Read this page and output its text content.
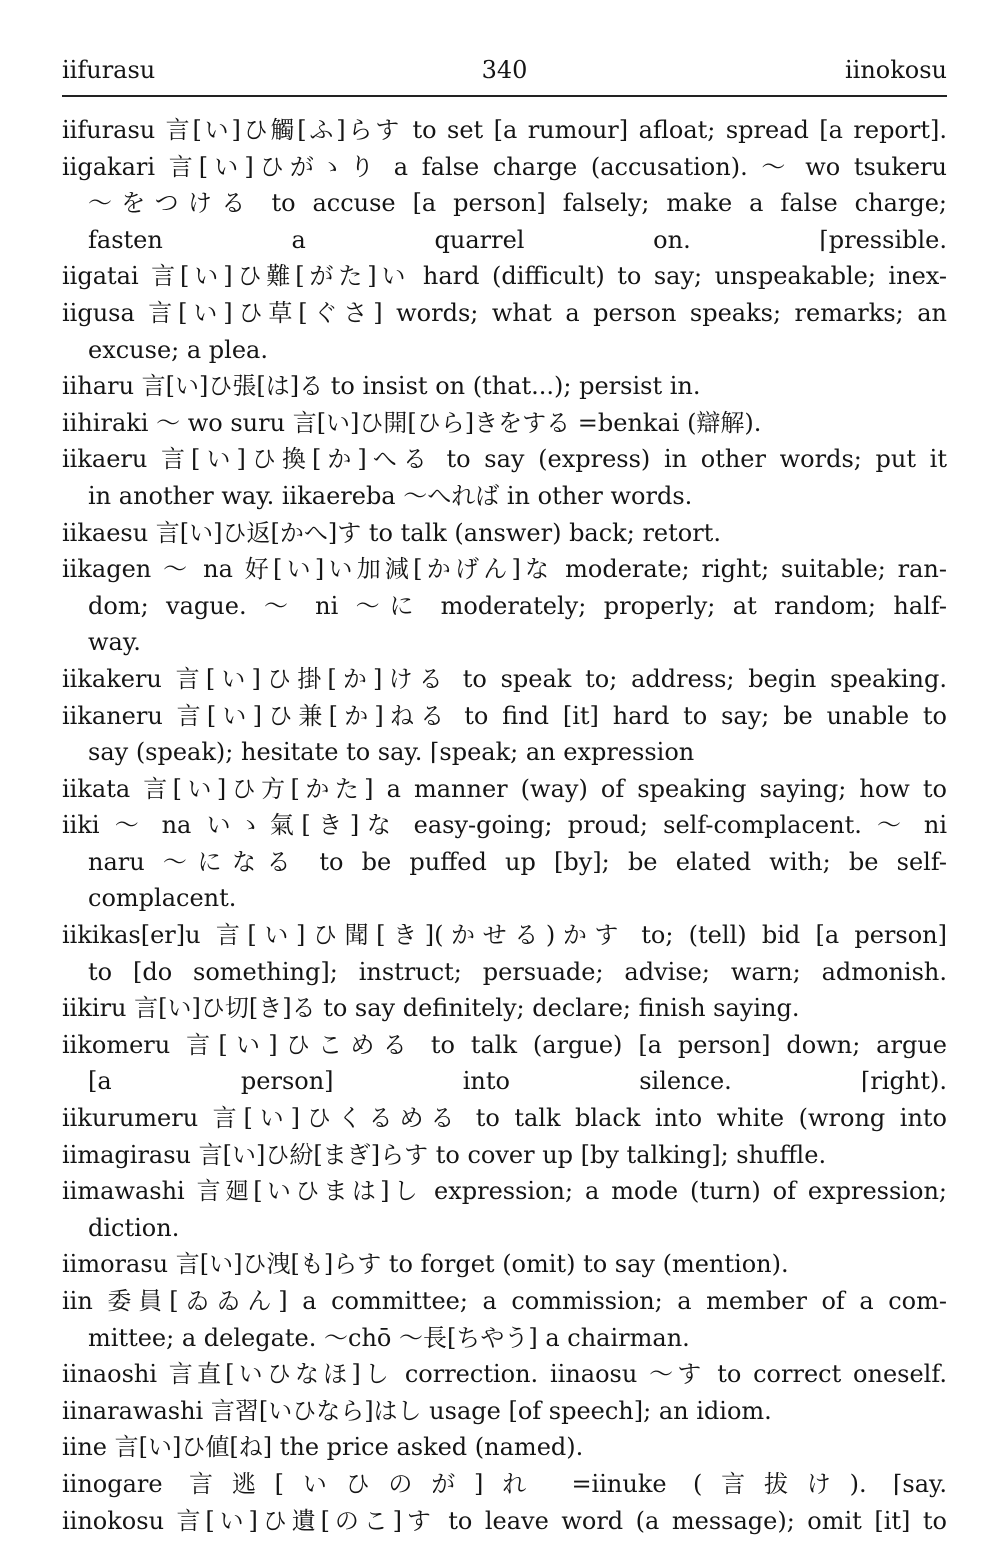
iifurasu	340	iinokosu
iifurasu 言[い]ひ觸[ふ]らす to set [a rumour] afloat; spread [a report].
iigakari 言[い]ひがゝり a false charge (accusation). ～ wo tsukeru
～をつける to accuse [a person] falsely; make a false charge;
fasten a quarrel on. ⌈pressible.
iigatai 言[い]ひ難[がた]い hard (difficult) to say; unspeakable; inex-
iigusa 言[い]ひ草[ぐさ] words; what a person speaks; remarks; an
excuse; a plea.
iiharu 言[い]ひ張[は]る to insist on (that...); persist in.
iihiraki ～ wo suru 言[い]ひ開[ひら]きをする =benkai (辯解).
iikaeru 言[い]ひ換[か]へる to say (express) in other words; put it
in another way. iikaereba ～へれば in other words.
iikaesu 言[い]ひ返[かへ]す to talk (answer) back; retort.
iikagen ～ na 好[い]い加減[かげん]な moderate; right; suitable; ran-
dom; vague. ～ ni ～に moderately; properly; at random; half-
way.
iikakeru 言[い]ひ掛[か]ける to speak to; address; begin speaking.
iikaneru 言[い]ひ兼[か]ねる to find [it] hard to say; be unable to
say (speak); hesitate to say. ⌈speak; an expression
iikata 言[い]ひ方[かた] a manner (way) of speaking saying; how to
iiki ～ na いゝ氣[き]な easy-going; proud; self-complacent. ～ ni
naru ～になる to be puffed up [by]; be elated with; be self-
complacent.
iikikas[er]u 言[い]ひ聞[き](かせる)かす to; (tell) bid [a person]
to [do something]; instruct; persuade; advise; warn; admonish.
iikiru 言[い]ひ切[き]る to say definitely; declare; finish saying.
iikomeru 言[い]ひこめる to talk (argue) [a person] down; argue
[a person] into silence. ⌈right).
iikurumeru 言[い]ひくるめる to talk black into white (wrong into
iimagirasu 言[い]ひ紛[まぎ]らす to cover up [by talking]; shuffle.
iimawashi 言廻[いひまは]し expression; a mode (turn) of expression;
diction.
iimorasu 言[い]ひ洩[も]らす to forget (omit) to say (mention).
iin 委員[ゐゐん] a committee; a commission; a member of a com-
mittee; a delegate. ～chō ～長[ちやう] a chairman.
iinaoshi 言直[いひなほ]し correction. iinaosu ～す to correct oneself.
iinarawashi 言習[いひなら]はし usage [of speech]; an idiom.
iine 言[い]ひ値[ね] the price asked (named).
iinogare 言逃[いひのが]れ =iinuke (言拔け). ⌈say.
iinokosu 言[い]ひ遺[のこ]す to leave word (a message); omit [it] to
